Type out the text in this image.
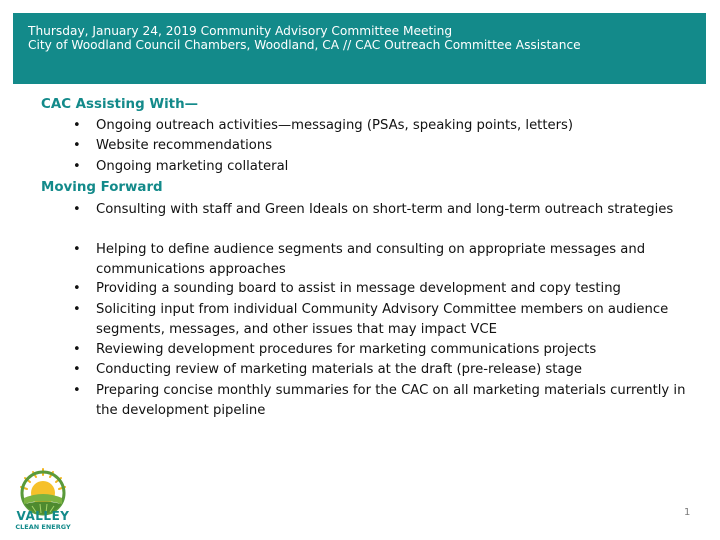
Thursday, January 24, 2019 Community Advisory Committee Meeting
City of Woodland Council Chambers, Woodland, CA // CAC Outreach Committee Assistance
CAC Assisting With—
• Ongoing outreach activities—messaging (PSAs, speaking points, letters)
• Website recommendations
• Ongoing marketing collateral
Moving Forward
• Consulting with staff and Green Ideals on short-term and long-term outreach strategies
• Helping to define audience segments and consulting on appropriate messages and communications approaches
• Providing a sounding board to assist in message development and copy testing
• Soliciting input from individual Community Advisory Committee members on audience segments, messages, and other issues that may impact VCE
• Reviewing development procedures for marketing communications projects
• Conducting review of marketing materials at the draft (pre-release) stage
• Preparing concise monthly summaries for the CAC on all marketing materials currently in the development pipeline
VALLEY
CLEAN ENERGY
1
